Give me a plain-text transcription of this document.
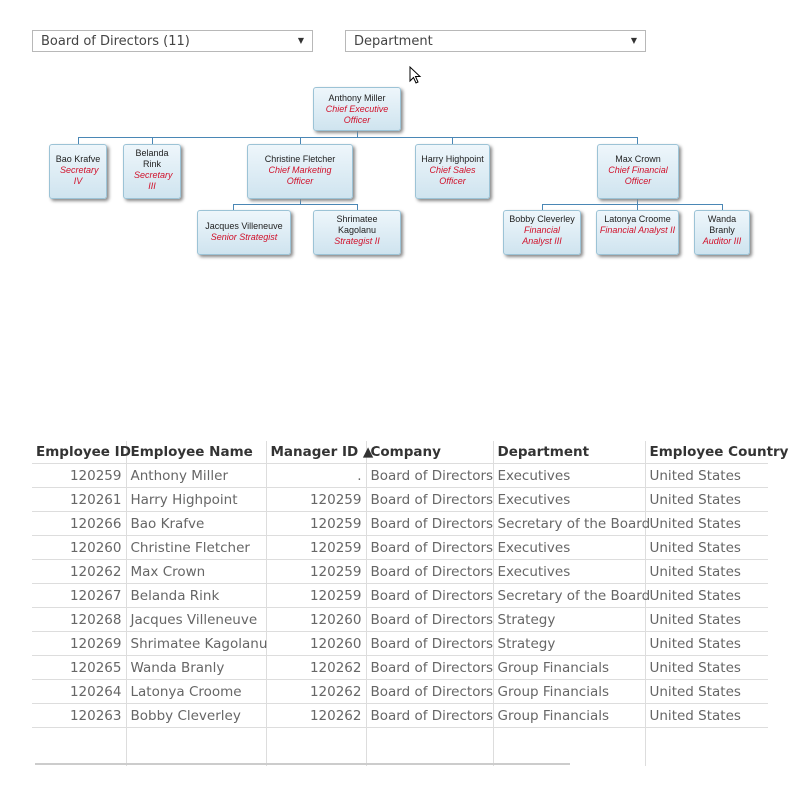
Board of Directors (11)	▼	Department	▼
Anthony Miller
Chief Executive Officer
Bao Krafve
Secretary IV
Belanda Rink
Secretary III
Christine Fletcher
Chief Marketing Officer
Harry Highpoint
Chief Sales Officer
Max Crown
Chief Financial Officer
Jacques Villeneuve
Senior Strategist
Shrimatee Kagolanu
Strategist II
Bobby Cleverley
Financial Analyst III
Latonya Croome
Financial Analyst II
Wanda Branly
Auditor III
Employee ID	Employee Name	Manager ID ▲	Company	Department	Employee Country
120259	Anthony Miller	.	Board of Directors	Executives	United States
120261	Harry Highpoint	120259	Board of Directors	Executives	United States
120266	Bao Krafve	120259	Board of Directors	Secretary of the Board	United States
120260	Christine Fletcher	120259	Board of Directors	Executives	United States
120262	Max Crown	120259	Board of Directors	Executives	United States
120267	Belanda Rink	120259	Board of Directors	Secretary of the Board	United States
120268	Jacques Villeneuve	120260	Board of Directors	Strategy	United States
120269	Shrimatee Kagolanu	120260	Board of Directors	Strategy	United States
120265	Wanda Branly	120262	Board of Directors	Group Financials	United States
120264	Latonya Croome	120262	Board of Directors	Group Financials	United States
120263	Bobby Cleverley	120262	Board of Directors	Group Financials	United States
